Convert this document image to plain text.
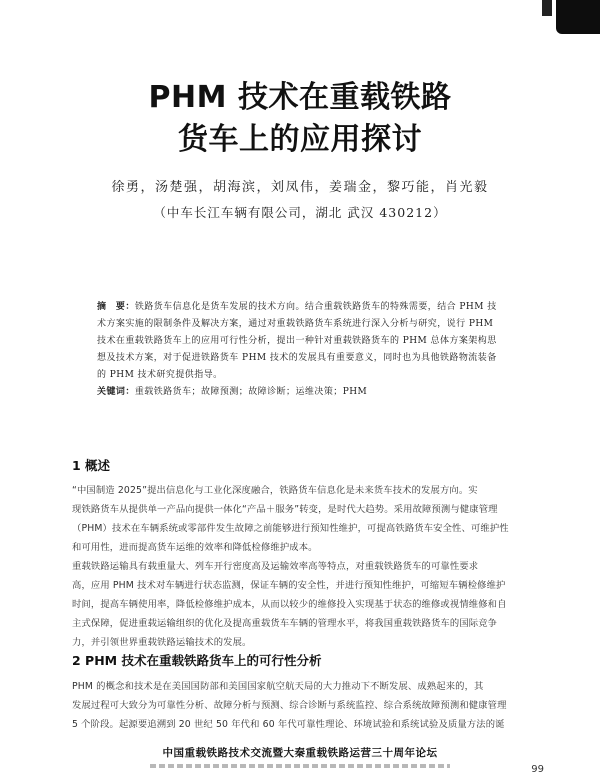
PHM 技术在重载铁路
货车上的应用探讨
徐勇，汤楚强，胡海滨，刘凤伟，姜瑞金，黎巧能，肖光毅
（中车长江车辆有限公司，湖北 武汉 430212）
摘　要：铁路货车信息化是货车发展的技术方向。结合重载铁路货车的特殊需要，结合 PHM 技术方案实施的限制条件及解决方案，通过对重载铁路货车系统进行深入分析与研究，说行 PHM 技术在重载铁路货车上的应用可行性分析，提出一种针对重载铁路货车的 PHM 总体方案架构思想及技术方案，对于促进铁路货车 PHM 技术的发展具有重要意义，同时也为具他铁路物流装备的 PHM 技术研究提供指导。
关键词：重载铁路货车；故障预测；故障诊断；运维决策；PHM
1 概述
“中国制造 2025”提出信息化与工业化深度融合，铁路货车信息化是未来货车技术的发展方向。实
现铁路货车从提供单一产品向提供一体化“产品＋服务”转变，是时代大趋势。采用故障预测与健康管理
（PHM）技术在车辆系统或零部件发生故障之前能够进行预知性维护，可提高铁路货车安全性、可维护性
和可用性，进而提高货车运维的效率和降低检修维护成本。
重载铁路运输具有载重量大、列车开行密度高及运输效率高等特点，对重载铁路货车的可靠性要求
高，应用 PHM 技术对车辆进行状态监测，保证车辆的安全性，并进行预知性维护，可缩短车辆检修维护
时间，提高车辆使用率，降低检修维护成本，从而以较少的维修投入实现基于状态的维修或视情维修和自
主式保障，促进重载运输组织的优化及提高重载货车车辆的管理水平，将我国重载铁路货车的国际竞争
力，并引领世界重载铁路运输技术的发展。
2 PHM 技术在重载铁路货车上的可行性分析
PHM 的概念和技术是在美国国防部和美国国家航空航天局的大力推动下不断发展、成熟起来的，其
发展过程可大致分为可靠性分析、故障分析与预测、综合诊断与系统监控、综合系统故障预测和健康管理
5 个阶段。起源要追溯到 20 世纪 50 年代和 60 年代可靠性理论、环境试验和系统试验及质量方法的诞
中国重载铁路技术交流暨大秦重载铁路运营三十周年论坛
99
